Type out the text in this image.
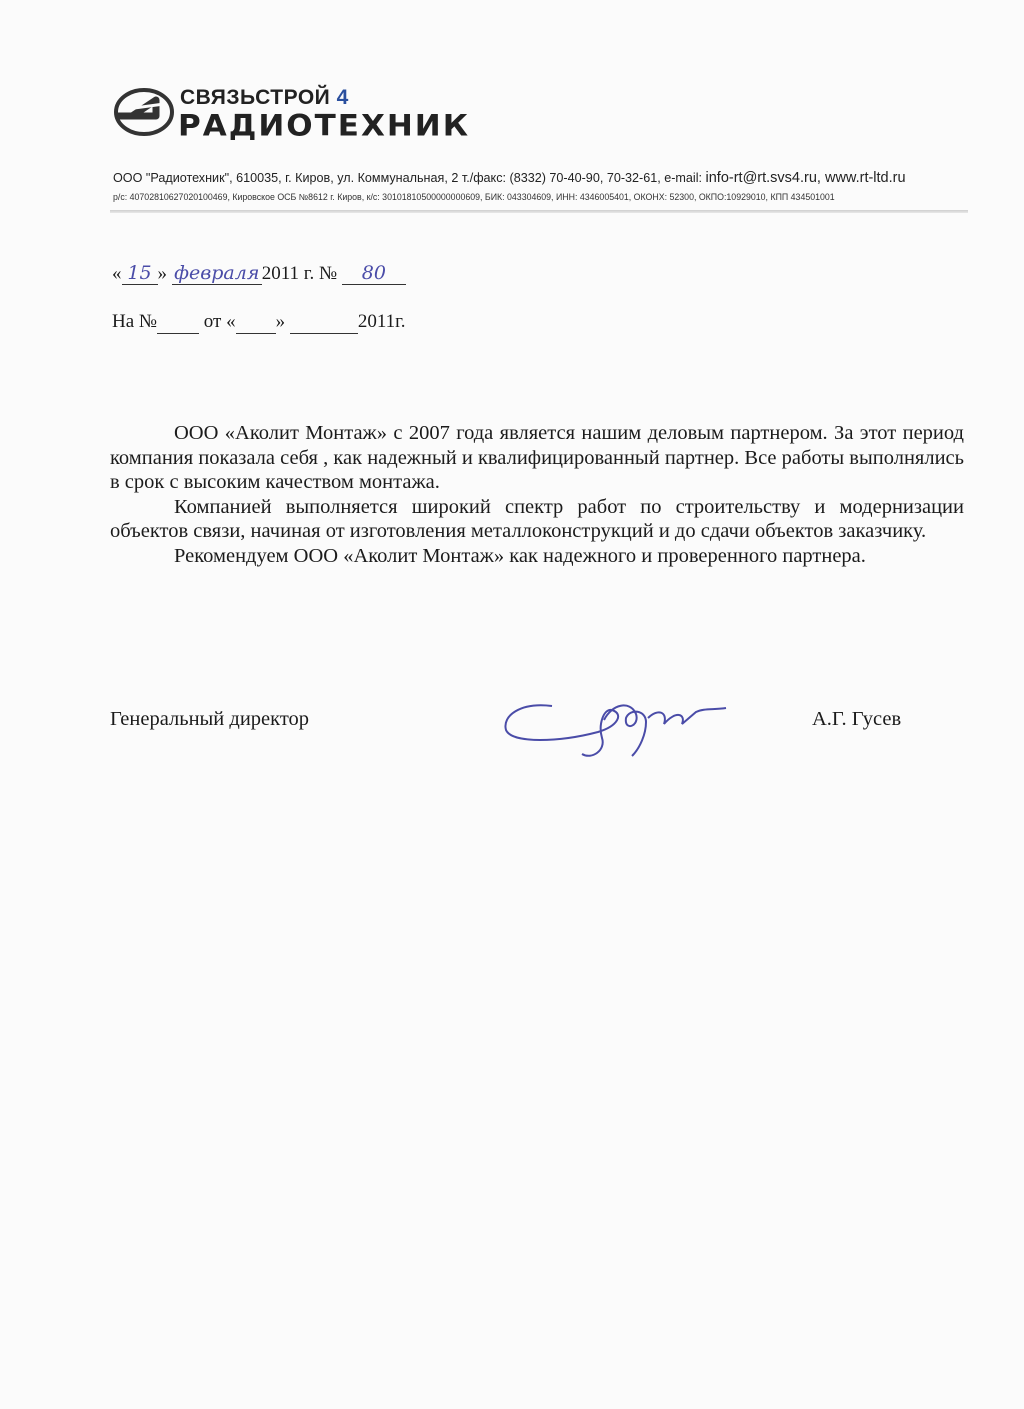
СВЯЗЬСТРОЙ 4
РАДИОТЕХНИК
ООО "Радиотехник", 610035, г. Киров, ул. Коммунальная, 2 т./факс: (8332) 70-40-90, 70-32-61, e-mail: info-rt@rt.svs4.ru, www.rt-ltd.ru
р/с: 40702810627020100469, Кировское ОСБ №8612 г. Киров, к/с: 30101810500000000609, БИК: 043304609, ИНН: 4346005401, ОКОНХ: 52300, ОКПО:10929010, КПП 434501001
« 15 » февраля 2011 г. № 80
На № от « »	2011г.

ООО «Аколит Монтаж» с 2007 года является нашим деловым партнером. За этот период компания показала себя , как надежный и квалифицированный партнер. Все работы выполнялись в срок с высоким качеством монтажа.

Компанией выполняется широкий спектр работ по строительству и модернизации объектов связи, начиная от изготовления металлоконструкций и до сдачи объектов заказчику.

Рекомендуем ООО «Аколит Монтаж» как надежного и проверенного партнера.

Генеральный директор	А.Г. Гусев
